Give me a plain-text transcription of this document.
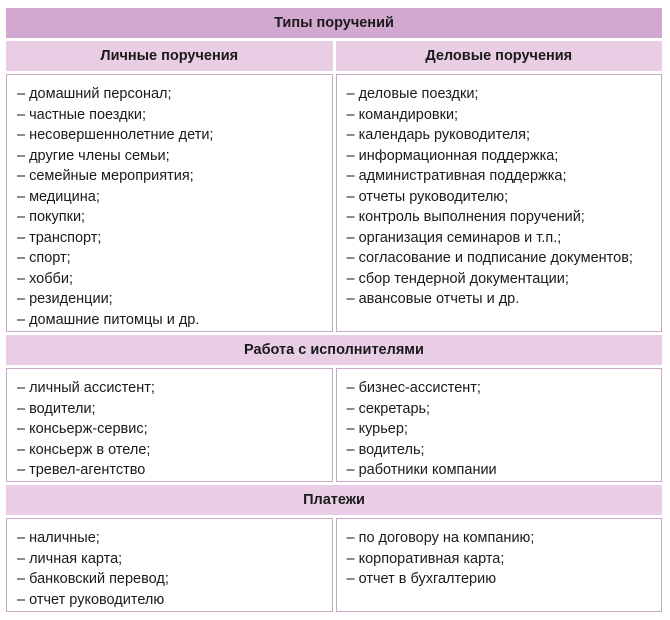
Типы поручений
Личные поручения	Деловые поручения
– домашний персонал;
– частные поездки;
– несовершеннолетние дети;
– другие члены семьи;
– семейные мероприятия;
– медицина;
– покупки;
– транспорт;
– спорт;
– хобби;
– резиденции;
– домашние питомцы и др.
– деловые поездки;
– командировки;
– календарь руководителя;
– информационная поддержка;
– административная поддержка;
– отчеты руководителю;
– контроль выполнения поручений;
– организация семинаров и т.п.;
– согласование и подписание документов;
– сбор тендерной документации;
– авансовые отчеты и др.
Работа с исполнителями
– личный ассистент;
– водители;
– консьерж-сервис;
– консьерж в отеле;
– тревел-агентство
– бизнес-ассистент;
– секретарь;
– курьер;
– водитель;
– работники компании
Платежи
– наличные;
– личная карта;
– банковский перевод;
– отчет руководителю
– по договору на компанию;
– корпоративная карта;
– отчет в бухгалтерию
